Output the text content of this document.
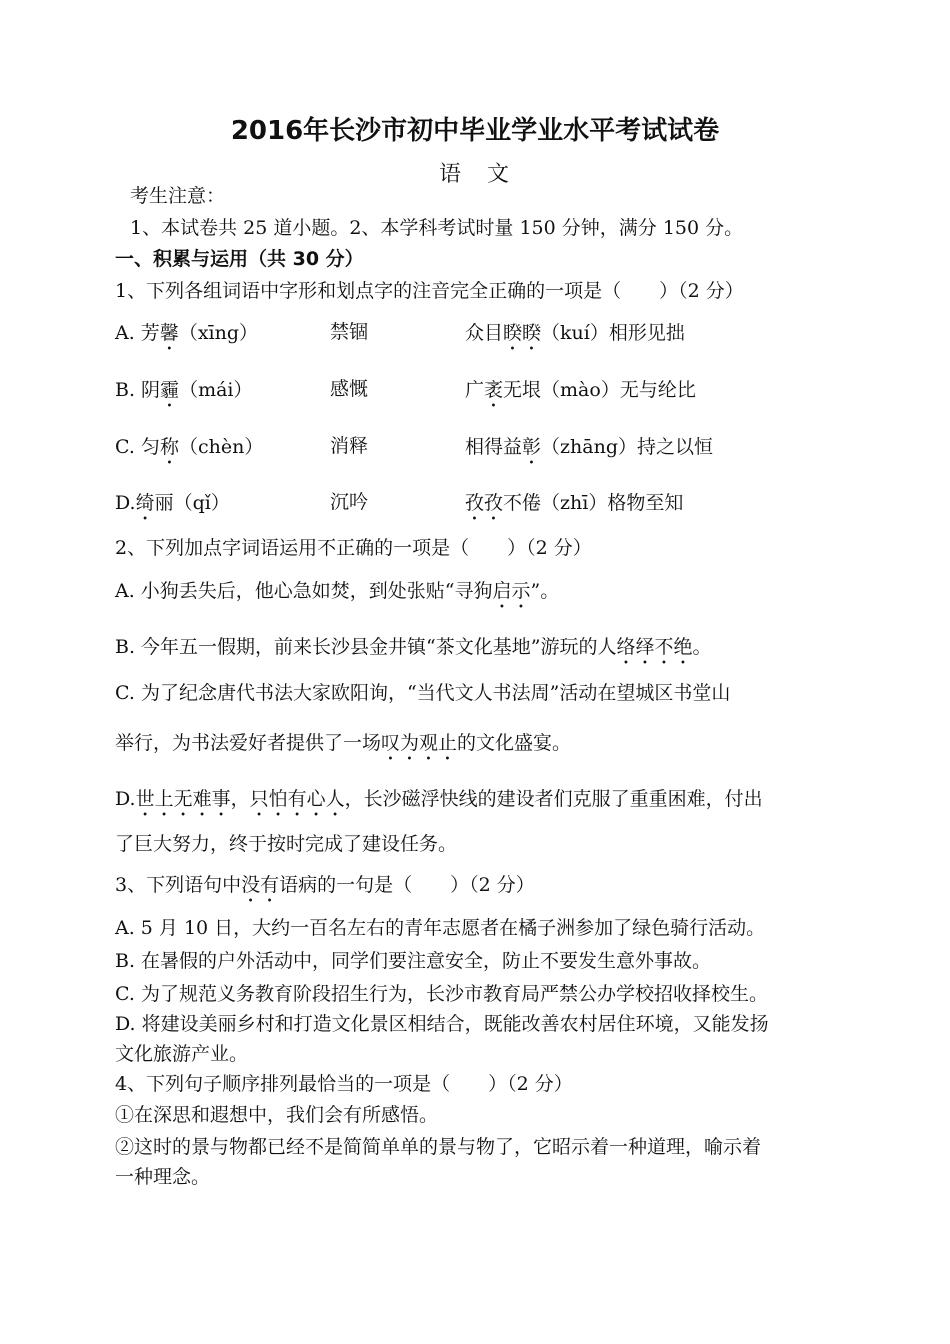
2016年长沙市初中毕业学业水平考试试卷
语　文
考生注意：
1、本试卷共 25 道小题。2、本学科考试时量 150 分钟，满分 150 分。
一、积累与运用（共 30 分）
1、下列各组词语中字形和划点字的注音完全正确的一项是（　　）（2 分）
A. 芳馨（xīng）	禁锢	众目睽睽（kuí）相形见拙
B. 阴霾（mái）	感慨	广袤无垠（mào）无与纶比
C. 匀称（chèn）	消释	相得益彰（zhāng）持之以恒
D.绮丽（qǐ）	沉吟	孜孜不倦（zhī）格物至知
2、下列加点字词语运用不正确的一项是（　　）（2 分）
A. 小狗丢失后，他心急如焚，到处张贴“寻狗启示”。
B. 今年五一假期，前来长沙县金井镇“茶文化基地”游玩的人络绎不绝。
C. 为了纪念唐代书法大家欧阳询，“当代文人书法周”活动在望城区书堂山
举行，为书法爱好者提供了一场叹为观止的文化盛宴。
D.世上无难事，只怕有心人，长沙磁浮快线的建设者们克服了重重困难，付出
了巨大努力，终于按时完成了建设任务。
3、下列语句中没有语病的一句是（　　）（2 分）
A. 5 月 10 日，大约一百名左右的青年志愿者在橘子洲参加了绿色骑行活动。
B. 在暑假的户外活动中，同学们要注意安全，防止不要发生意外事故。
C. 为了规范义务教育阶段招生行为，长沙市教育局严禁公办学校招收择校生。
D. 将建设美丽乡村和打造文化景区相结合，既能改善农村居住环境，又能发扬
文化旅游产业。
4、下列句子顺序排列最恰当的一项是（　　）（2 分）
①在深思和遐想中，我们会有所感悟。
②这时的景与物都已经不是简简单单的景与物了，它昭示着一种道理，喻示着
一种理念。
